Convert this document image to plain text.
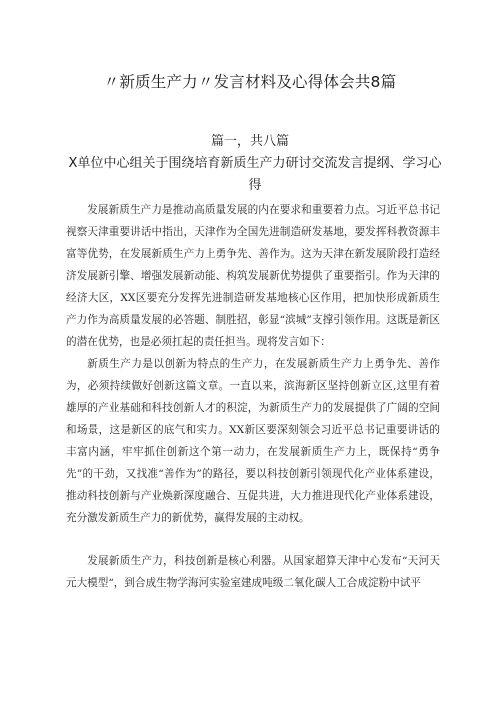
〃新质生产力〃发言材料及心得体会共8篇
篇一，共八篇
X单位中心组关于围绕培育新质生产力研讨交流发言提纲、学习心得

发展新质生产力是推动高质量发展的内在要求和重要着力点。习近平总书记视察天津重要讲话中指出，天津作为全国先进制造研发基地，要发挥科教资源丰富等优势，在发展新质生产力上勇争先、善作为。这为天津在新发展阶段打造经济发展新引擎、增强发展新动能、构筑发展新优势提供了重要指引。作为天津的经济大区，XX区要充分发挥先进制造研发基地核心区作用，把加快形成新质生产力作为高质量发展的必答题、制胜招，彰显“滨城”支撑引领作用。这既是新区的潜在优势，也是必须扛起的责任担当。现将发言如下：

新质生产力是以创新为特点的生产力，在发展新质生产力上勇争先、善作为，必须持续做好创新这篇文章。一直以来，滨海新区坚持创新立区,这里有着雄厚的产业基础和科技创新人才的积淀，为新质生产力的发展提供了广阔的空间和场景，这是新区的底气和实力。XX新区要深刻领会习近平总书记重要讲话的丰富内涵，牢牢抓住创新这个第一动力，在发展新质生产力上，既保持“勇争先”的干劲，又找准“善作为”的路径，要以科技创新引领现代化产业体系建设，推动科技创新与产业焕新深度融合、互促共进，大力推进现代化产业体系建设，充分激发新质生产力的新优势，赢得发展的主动权。

发展新质生产力，科技创新是核心利器。从国家超算天津中心发布“天河天元大模型“，到合成生物学海河实验室建成吨级二氧化碳人工合成淀粉中试平
